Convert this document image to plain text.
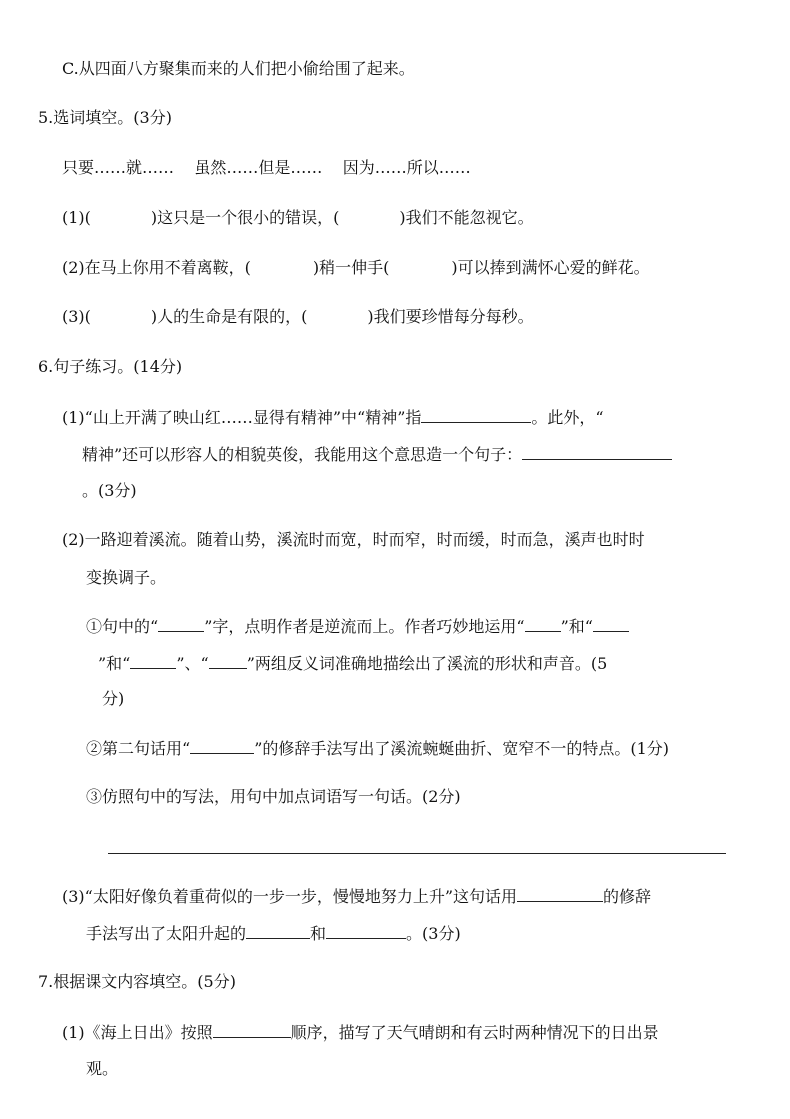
C.从四面八方聚集而来的人们把小偷给围了起来。
5.选词填空。(3分)
只要……就……    虽然……但是……    因为……所以……
(1)(	)这只是一个很小的错误，(	)我们不能忽视它。
(2)在马上你用不着离鞍，(	)稍一伸手(	)可以捧到满怀心爱的鲜花。
(3)(	)人的生命是有限的，(	)我们要珍惜每分每秒。
6.句子练习。(14分)
(1)“山上开满了映山红……显得有精神”中“精神”指	。此外，“
精神”还可以形容人的相貌英俊，我能用这个意思造一个句子：
。(3分)
(2)一路迎着溪流。随着山势，溪流时而宽，时而窄，时而缓，时而急，溪声也时时
变换调子。
①句中的“	”字，点明作者是逆流而上。作者巧妙地运用“ ”和“
”和“	”、“ ”两组反义词准确地描绘出了溪流的形状和声音。(5
分)
②第二句话用“	”的修辞手法写出了溪流蜿蜒曲折、宽窄不一的特点。(1分)
③仿照句中的写法，用句中加点词语写一句话。(2分)
(3)“太阳好像负着重荷似的一步一步，慢慢地努力上升”这句话用	的修辞
手法写出了太阳升起的	和	。(3分)
7.根据课文内容填空。(5分)
(1)《海上日出》按照	顺序，描写了天气晴朗和有云时两种情况下的日出景
观。
